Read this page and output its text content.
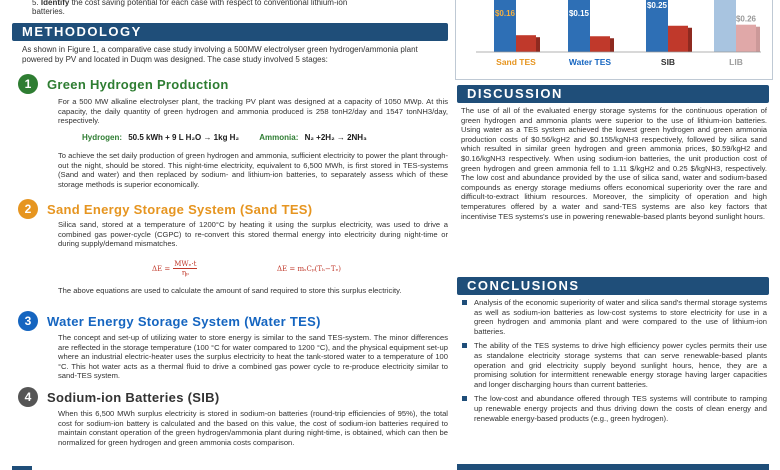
5. Identify the cost saving potential for each case with respect to conventional lithium-ion
batteries.
METHODOLOGY
As shown in Figure 1, a comparative case study involving a 500MW electrolyser green hydrogen/ammonia plant powered by PV and located in Duqm was designed. The case study involved 5 stages:
1	Green Hydrogen Production
For a 500 MW alkaline electrolyser plant, the tracking PV plant was designed at a capacity of 1050 MWp. At this capacity, the daily quantity of green hydrogen and ammonia produced is 258 tonH2/day and 1547 tonNH3/day, respectively.
Hydrogen: 50.5 kWh + 9 L H₂O → 1kg H₂	Ammonia: N₂ +2H₂ → 2NH₃
To achieve the set daily production of green hydrogen and ammonia, sufficient electricity to power the plant through-out the night, should be stored. This night-time electricity, equivalent to 6,500 MWh, is first stored in TES-systems (Sand and water) and then replaced by sodium- and lithium-ion batteries, to separately assess which of these storage methods is superior economically.
2	Sand Energy Storage System (Sand TES)
Silica sand, stored at a temperature of 1200°C by heating it using the surplus electricity, was used to drive a combined gas power-cycle (CGPC) to re-convert this stored thermal energy into electricity during night-time or during supply/demand mismatches.
$\Delta E = \frac{\text{MWₑ·t}}{\text{ηₚ}}$	ΔE = mₛCₚ(Tₕ−Tₑ)
The above equations are used to calculate the amount of sand required to store this surplus electricity.
3	Water Energy Storage System (Water TES)
The concept and set-up of utilizing water to store energy is similar to the sand TES-system. The minor differences are reflected in the storage temperature (100 °C for water compared to 1200 °C), and the physical equipment set-up where an industrial electric-heater uses the surplus electricity to heat the tank-stored water to a temperature of 100 °C. This hot water acts as a thermal fluid to drive a combined gas power cycle to re-produce electricity similar to sand-TES system.
4	Sodium-ion Batteries (SIB)
When this 6,500 MWh surplus electricity is stored in sodium-on batteries (round-trip efficiencies of 95%), the total cost for sodium-ion battery is calculated and the based on this value, the cost of sodium-ion batteries required to maintain constant operation of the green hydrogen/ammonia plant during night-time, is obtained, which can then be normalized for green hydrogen and green ammonia costs comparison.
$0.16
Sand TES
$0.15
Water TES
$0.25
SIB
$0.26
LIB
DISCUSSION
The use of all of the evaluated energy storage systems for the continuous operation of green hydrogen and ammonia plants were superior to the use of lithium-ion batteries. Using water as a TES system achieved the lowest green hydrogen and green ammonia production costs of $0.56/kgH2 and $0.155/kgNH3 respectively, followed by silica sand which resulted in similar green hydrogen and green ammonia prices, $0.59/kgH2 and $0.16/kgNH3 respectively. When using sodium-ion batteries, the unit production cost of green hydrogen and green ammonia fell to 1.11 $/kgH2 and 0.25 $/kgNH3, respectively. The low cost and abundance provided by the use of silica sand, water and sodium-based compounds as energy storage mediums offers economical superiority over the rare and difficult-to-extract lithium resources. Moreover, the simplicity of operation and high temperatures offered by a water and sand-TES systems are also key factors that incentivise TES systems's use in powering renewable-based plants beyond sunlight hours.
CONCLUSIONS
Analysis of the economic superiority of water and silica sand's thermal storage systems as well as sodium-ion batteries as low-cost systems to store electricity for use in a green hydrogen and ammonia plant and were compared to the use of lithium-ion batteries.
The ability of the TES systems to drive high efficiency power cycles permits their use as standalone electricity storage systems that can serve renewable-based plants operation and grid electricity supply beyond sunlight hours, hence, they are a promising solution for intermittent renewable energy storage having larger capacities and longer discharging hours than current batteries.
The low-cost and abundance offered through TES systems will contribute to ramping up renewable energy projects and thus driving down the costs of clean energy and renewable energy-based products (e.g., green hydrogen).
